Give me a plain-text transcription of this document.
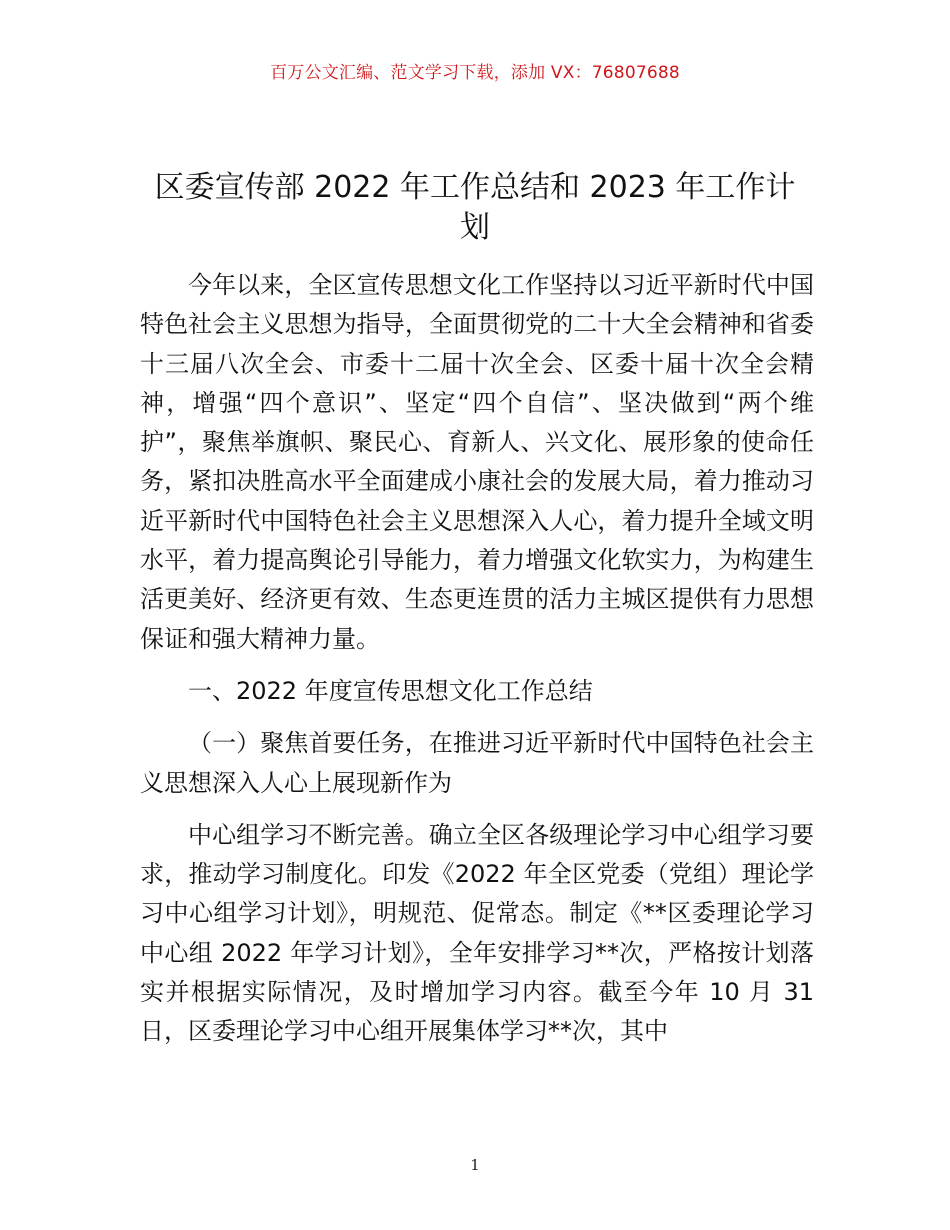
百万公文汇编、范文学习下载，添加 VX：76807688
区委宣传部 2022 年工作总结和 2023 年工作计划

今年以来，全区宣传思想文化工作坚持以习近平新时代中国特色社会主义思想为指导，全面贯彻党的二十大全会精神和省委十三届八次全会、市委十二届十次全会、区委十届十次全会精神，增强“四个意识”、坚定“四个自信”、坚决做到“两个维护”，聚焦举旗帜、聚民心、育新人、兴文化、展形象的使命任务，紧扣决胜高水平全面建成小康社会的发展大局，着力推动习近平新时代中国特色社会主义思想深入人心，着力提升全域文明水平，着力提高舆论引导能力，着力增强文化软实力，为构建生活更美好、经济更有效、生态更连贯的活力主城区提供有力思想保证和强大精神力量。

一、2022 年度宣传思想文化工作总结

（一）聚焦首要任务，在推进习近平新时代中国特色社会主义思想深入人心上展现新作为

中心组学习不断完善。确立全区各级理论学习中心组学习要求，推动学习制度化。印发《2022 年全区党委（党组）理论学习中心组学习计划》，明规范、促常态。制定《**区委理论学习中心组 2022 年学习计划》，全年安排学习**次，严格按计划落实并根据实际情况，及时增加学习内容。截至今年 10 月 31 日，区委理论学习中心组开展集体学习**次，其中

1
